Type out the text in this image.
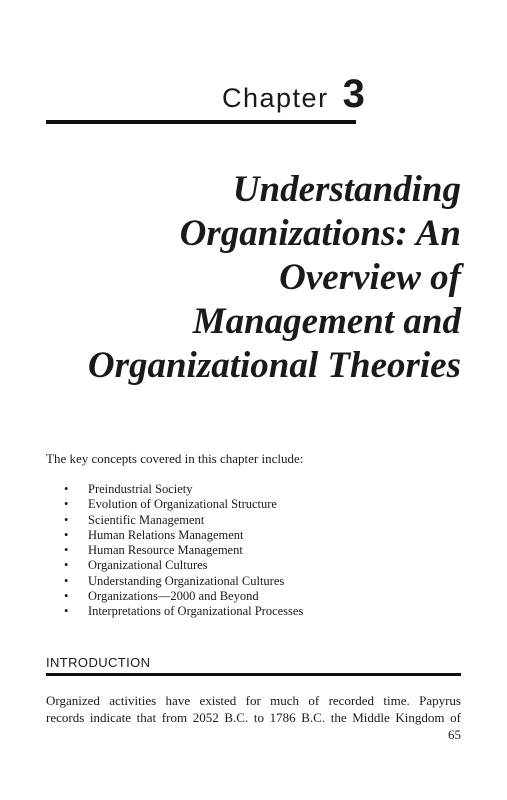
Chapter 3
Understanding
Organizations: An
Overview of
Management and
Organizational Theories

The key concepts covered in this chapter include:

• Preindustrial Society
• Evolution of Organizational Structure
• Scientific Management
• Human Relations Management
• Human Resource Management
• Organizational Cultures
• Understanding Organizational Cultures
• Organizations—2000 and Beyond
• Interpretations of Organizational Processes
INTRODUCTION
Organized activities have existed for much of recorded time. Papyrus
records indicate that from 2052 B.C. to 1786 B.C. the Middle Kingdom of
65
